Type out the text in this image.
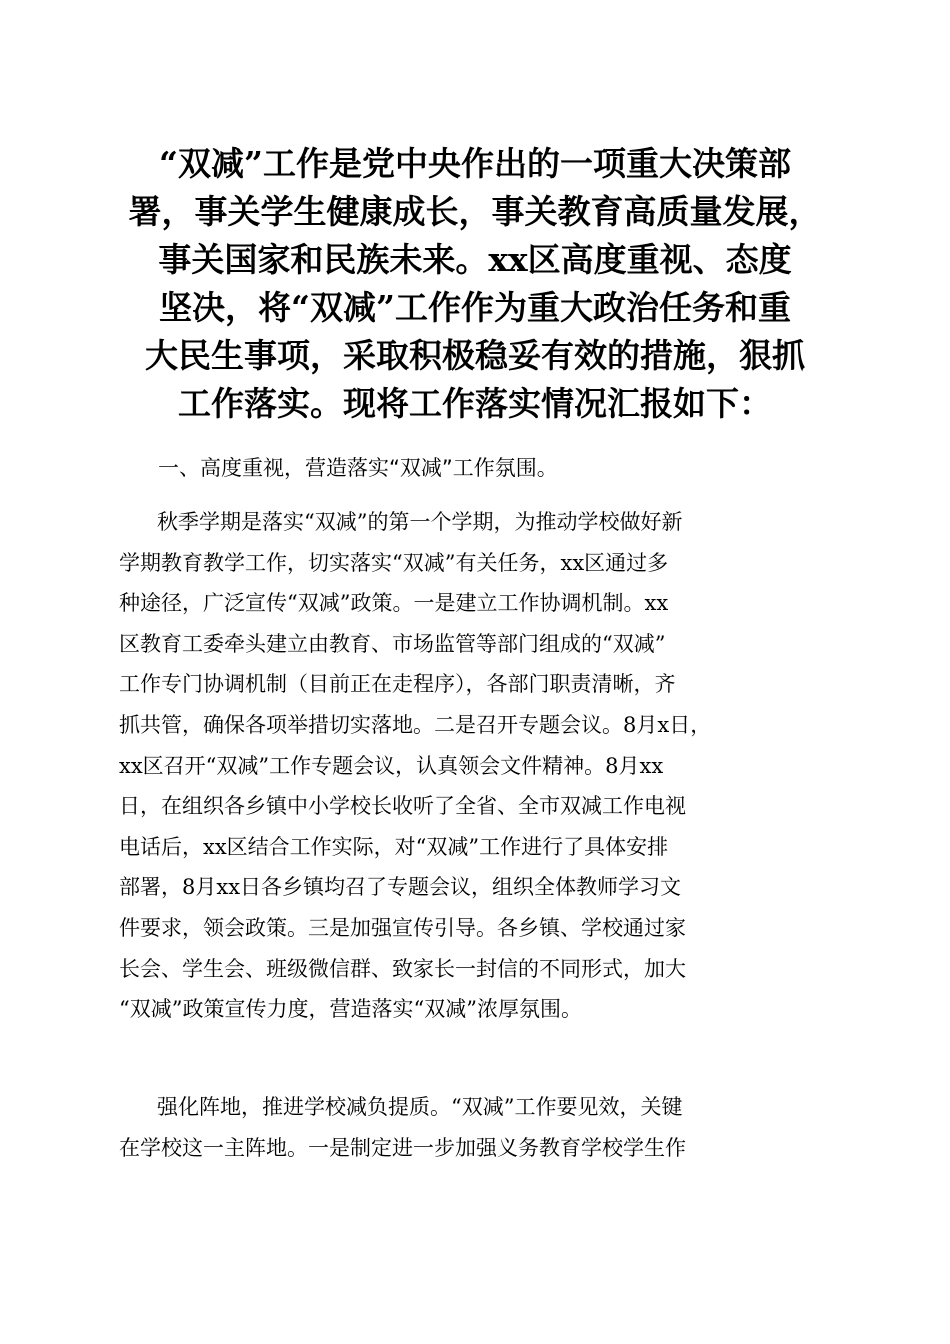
“双减”工作是党中央作出的一项重大决策部
署，事关学生健康成长，事关教育高质量发展，
事关国家和民族未来。xx区高度重视、态度
坚决，将“双减”工作作为重大政治任务和重
大民生事项，采取积极稳妥有效的措施，狠抓
工作落实。现将工作落实情况汇报如下：
一、高度重视，营造落实“双减”工作氛围。
秋季学期是落实“双减”的第一个学期，为推动学校做好新
学期教育教学工作，切实落实“双减”有关任务，xx区通过多
种途径，广泛宣传“双减”政策。一是建立工作协调机制。xx
区教育工委牵头建立由教育、市场监管等部门组成的“双减”
工作专门协调机制（目前正在走程序），各部门职责清晰，齐
抓共管，确保各项举措切实落地。二是召开专题会议。8月x日，
xx区召开“双减”工作专题会议，认真领会文件精神。8月xx
日，在组织各乡镇中小学校长收听了全省、全市双减工作电视
电话后，xx区结合工作实际，对“双减”工作进行了具体安排
部署，8月xx日各乡镇均召了专题会议，组织全体教师学习文
件要求，领会政策。三是加强宣传引导。各乡镇、学校通过家
长会、学生会、班级微信群、致家长一封信的不同形式，加大
“双减”政策宣传力度，营造落实“双减”浓厚氛围。
强化阵地，推进学校减负提质。“双减”工作要见效，关键
在学校这一主阵地。一是制定进一步加强义务教育学校学生作
